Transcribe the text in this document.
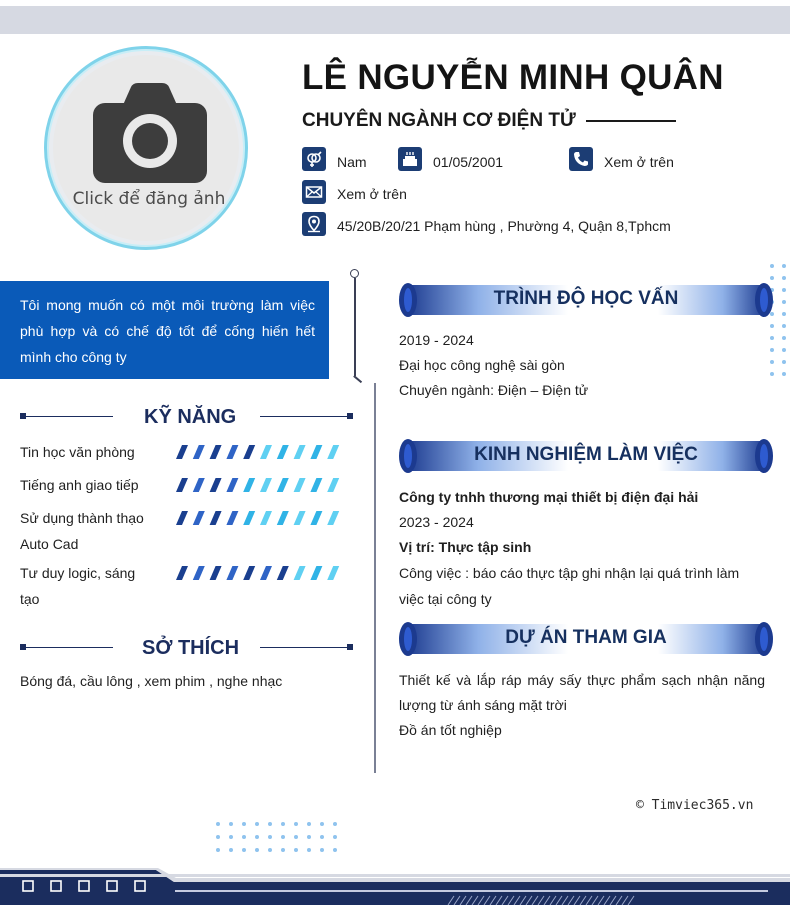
Click để đăng ảnh
LÊ NGUYỄN MINH QUÂN
CHUYÊN NGÀNH CƠ ĐIỆN TỬ
Nam	01/05/2001	Xem ở trên
Xem ở trên
45/20B/20/21 Phạm hùng , Phường 4, Quận 8,Tphcm
Tôi mong muốn có một môi trường làm việc phù hợp và có chế độ tốt để cống hiến hết mình cho công ty
KỸ NĂNG
Tin học văn phòng
Tiếng anh giao tiếp
Sử dụng thành thạo Auto Cad
Tư duy logic, sáng tạo
SỞ THÍCH
Bóng đá, cầu lông , xem phim , nghe nhạc
TRÌNH ĐỘ HỌC VẤN
2019 - 2024
Đại học công nghệ sài gòn
Chuyên ngành: Điện – Điện tử
KINH NGHIỆM LÀM VIỆC
Công ty tnhh thương mại thiết bị điện đại hải
2023 - 2024
Vị trí: Thực tập sinh
Công việc : báo cáo thực tập ghi nhận lại quá trình làm việc tại công ty
DỰ ÁN THAM GIA
Thiết kế và lắp ráp máy sấy thực phẩm sạch nhận năng lượng từ ánh sáng mặt trời
Đồ án tốt nghiệp
© Timviec365.vn
